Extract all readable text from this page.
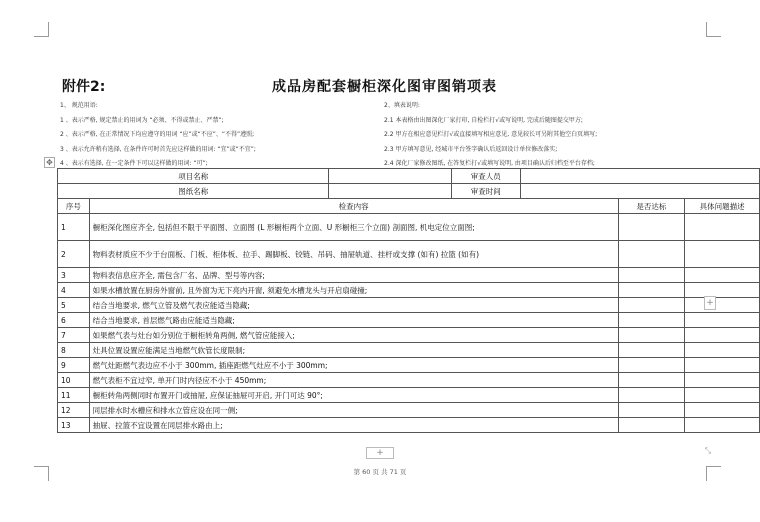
附件2:	成品房配套橱柜深化图审图销项表
1、 规范用语:
1 、表示严格, 规定禁止的用词为 “必须、不得或禁止、严禁”;
2 、表示严格, 在正常情况下均应遵守的用词 “应”或“不应”、“不得”遵照;
3 、表示允许稍有选择, 在条件许可时首先应这样做的用词: “宜”或“不宜”;
4 、表示有选择, 在一定条件下可以这样做的用词: “可”;
2、填表说明:
2.1 本表格由出图深化厂家打印, 自检栏打√或写说明, 完成后随图提交甲方;
2.2 甲方在相应意见栏打√或直接填写相应意见, 意见较长可另附其他空白页填写;
2.3 甲方填写意见, 经城市平台签字确认后返回设计单位修改落实;
2.4 深化厂家修改图纸, 在答复栏打√或填写说明, 由项目确认后归档至平台存档;
✥
项目名称			审查人员			
图纸名称			审查时间			
序号	检查内容				是否达标	具体问题描述
1	橱柜深化图应齐全, 包括但不限于平面图、立面图 (L 形橱柜两个立面、U 形橱柜三个立面) 剖面图, 机电定位立面图;					
2	物料表材质应不少于台面板、门板、柜体板、拉手、踢脚板、铰链、吊码、抽屉轨道、挂杆或支撑 (如有) 拉篮 (如有)					
3	物料表信息应齐全, 需包含厂名、品牌、型号等内容;					
4	如果水槽放置在厨房外窗前, 且外窗为无下亮内开窗, 须避免水槽龙头与开启扇碰撞;					
5	结合当地要求, 燃气立管及燃气表应能适当隐藏;					
6	结合当地要求, 首层燃气路由应能适当隐藏;					
7	如果燃气表与灶台如分别位于橱柜转角两侧, 燃气管应能接入;					
8	灶具位置设置应能满足当地燃气软管长度限制;					
9	燃气灶距燃气表边应不小于 300mm, 插座距燃气灶应不小于 300mm;					
10	燃气表柜不宜过窄, 单开门时内径应不小于 450mm;					
11	橱柜转角两侧同时布置开门或抽屉, 应保证抽屉可开启, 开门可达 90°;					
12	同层排水时水槽应和排水立管应设在同一侧;					
13	抽屉、拉篮不宜设置在同层排水路由上;					
+
+	⤡
第 60 页 共 71 页
